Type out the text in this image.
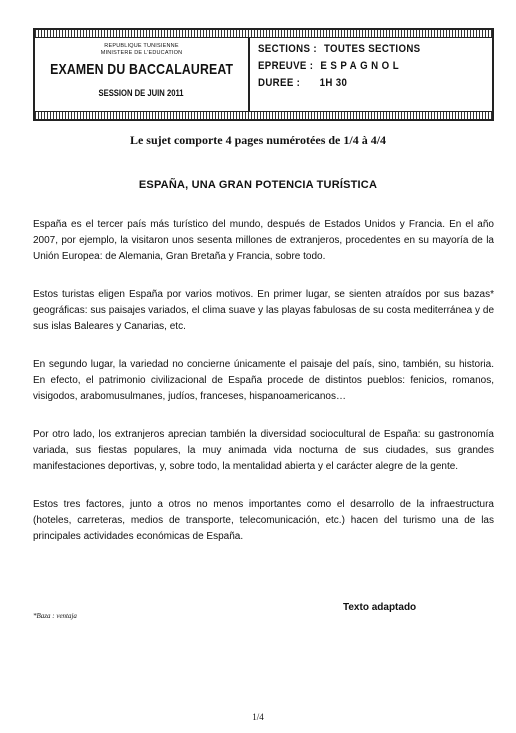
REPUBLIQUE TUNISIENNE
MINISTERE DE L'EDUCATION
EXAMEN DU BACCALAUREAT
SESSION DE JUIN 2011
SECTIONS : TOUTES SECTIONS
EPREUVE : ESPAGNOL
DUREE : 1H 30
Le sujet comporte 4 pages numérotées de 1/4 à 4/4
ESPAÑA, UNA GRAN POTENCIA TURÍSTICA

España es el tercer país más turístico del mundo, después de Estados Unidos y Francia. En el año 2007, por ejemplo, la visitaron unos sesenta millones de extranjeros, procedentes en su mayoría de la Unión Europea: de Alemania, Gran Bretaña y Francia, sobre todo.

Estos turistas eligen España por varios motivos. En primer lugar, se sienten atraídos por sus bazas* geográficas: sus paisajes variados, el clima suave y las playas fabulosas de su costa mediterránea y de sus islas Baleares y Canarias, etc.

En segundo lugar, la variedad no concierne únicamente el paisaje del país, sino, también, su historia. En efecto, el patrimonio civilizacional de España procede de distintos pueblos: fenicios, romanos, visigodos, arabomusulmanes, judíos, franceses, hispanoamericanos…

Por otro lado, los extranjeros aprecian también la diversidad sociocultural de España: su gastronomía variada, sus fiestas populares, la muy animada vida nocturna de sus ciudades, sus grandes manifestaciones deportivas, y, sobre todo, la mentalidad abierta y el carácter alegre de la gente.

Estos tres factores, junto a otros no menos importantes como el desarrollo de la infraestructura (hoteles, carreteras, medios de transporte, telecomunicación, etc.) hacen del turismo una de las principales actividades económicas de España.

Texto adaptado
*Baza : ventaja
1/4
